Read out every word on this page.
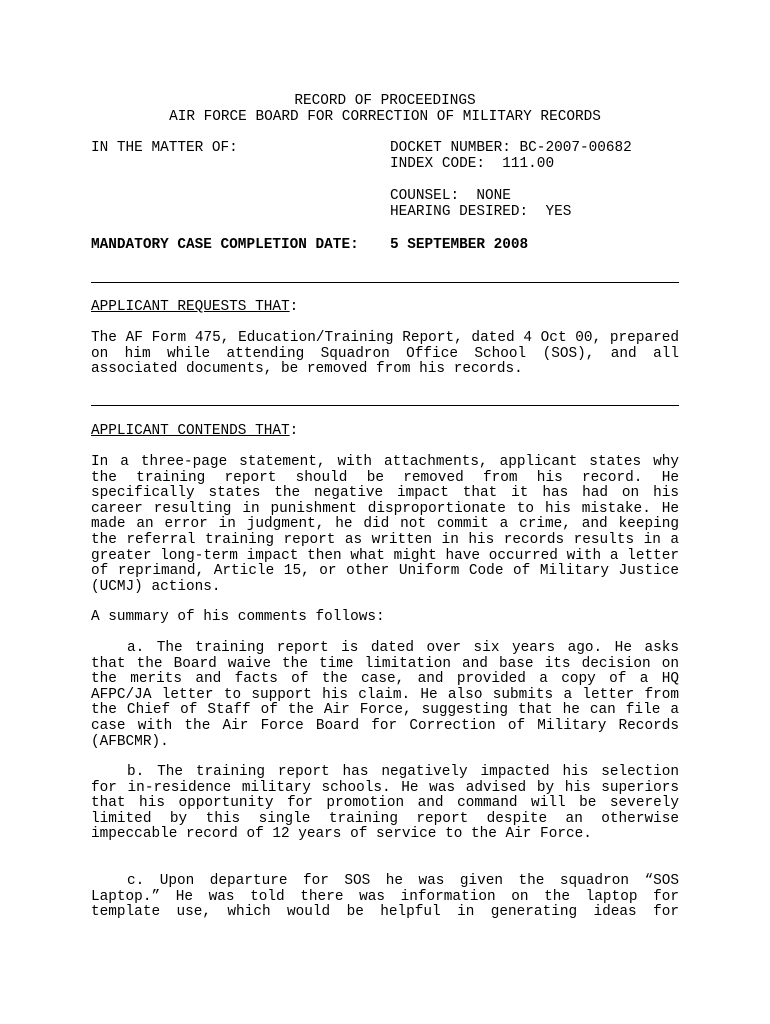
RECORD OF PROCEEDINGS
AIR FORCE BOARD FOR CORRECTION OF MILITARY RECORDS
IN THE MATTER OF:	DOCKET NUMBER: BC-2007-00682
INDEX CODE:  111.00
COUNSEL:  NONE
HEARING DESIRED:  YES
MANDATORY CASE COMPLETION DATE: 5 SEPTEMBER 2008
APPLICANT REQUESTS THAT:
The AF Form 475, Education/Training Report, dated 4 Oct 00, prepared on him while attending Squadron Office School (SOS), and all associated documents, be removed from his records.
APPLICANT CONTENDS THAT:
In a three-page statement, with attachments, applicant states why the training report should be removed from his record. He specifically states the negative impact that it has had on his career resulting in punishment disproportionate to his mistake. He made an error in judgment, he did not commit a crime, and keeping the referral training report as written in his records results in a greater long-term impact then what might have occurred with a letter of reprimand, Article 15, or other Uniform Code of Military Justice (UCMJ) actions.
A summary of his comments follows:
a. The training report is dated over six years ago. He asks that the Board waive the time limitation and base its decision on the merits and facts of the case, and provided a copy of a HQ AFPC/JA letter to support his claim. He also submits a letter from the Chief of Staff of the Air Force, suggesting that he can file a case with the Air Force Board for Correction of Military Records (AFBCMR).
b. The training report has negatively impacted his selection for in-residence military schools. He was advised by his superiors that his opportunity for promotion and command will be severely limited by this single training report despite an otherwise impeccable record of 12 years of service to the Air Force.
c. Upon departure for SOS he was given the squadron “SOS Laptop.” He was told there was information on the laptop for template use, which would be helpful in generating ideas for
